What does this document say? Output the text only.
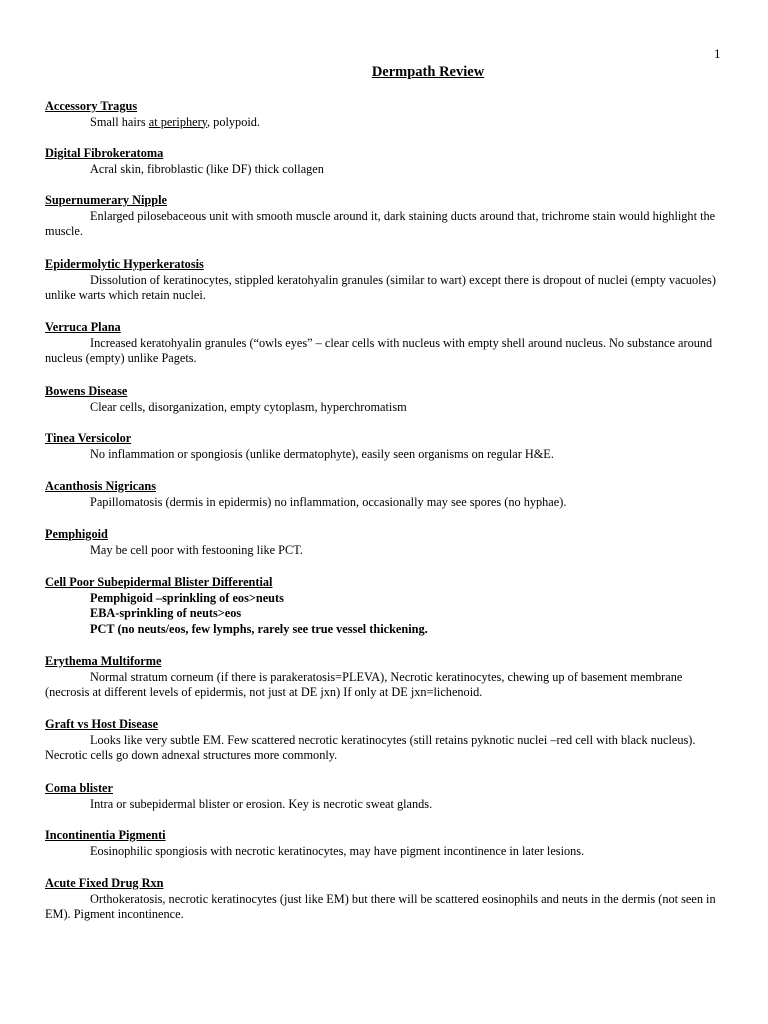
1
Dermpath Review
Accessory Tragus

Small hairs at periphery, polypoid.

Digital Fibrokeratoma

Acral skin, fibroblastic (like DF) thick collagen

Supernumerary Nipple

Enlarged pilosebaceous unit with smooth muscle around it, dark staining ducts around that, trichrome stain would highlight the muscle.

Epidermolytic Hyperkeratosis

Dissolution of keratinocytes, stippled keratohyalin granules (similar to wart) except there is dropout of nuclei (empty vacuoles) unlike warts which retain nuclei.

Verruca Plana

Increased keratohyalin granules (“owls eyes” – clear cells with nucleus with empty shell around nucleus. No substance around nucleus (empty) unlike Pagets.

Bowens Disease

Clear cells, disorganization, empty cytoplasm, hyperchromatism

Tinea Versicolor

No inflammation or spongiosis (unlike dermatophyte), easily seen organisms on regular H&E.

Acanthosis Nigricans

Papillomatosis (dermis in epidermis) no inflammation, occasionally may see spores (no hyphae).

Pemphigoid

May be cell poor with festooning like PCT.

Cell Poor Subepidermal Blister Differential
Pemphigoid –sprinkling of eos>neuts
EBA-sprinkling of neuts>eos
PCT (no neuts/eos, few lymphs, rarely see true vessel thickening.
Erythema Multiforme

Normal stratum corneum (if there is parakeratosis=PLEVA), Necrotic keratinocytes, chewing up of basement membrane (necrosis at different levels of epidermis, not just at DE jxn) If only at DE jxn=lichenoid.

Graft vs Host Disease

Looks like very subtle EM. Few scattered necrotic keratinocytes (still retains pyknotic nuclei –red cell with black nucleus). Necrotic cells go down adnexal structures more commonly.

Coma blister

Intra or subepidermal blister or erosion. Key is necrotic sweat glands.

Incontinentia Pigmenti

Eosinophilic spongiosis with necrotic keratinocytes, may have pigment incontinence in later lesions.

Acute Fixed Drug Rxn

Orthokeratosis, necrotic keratinocytes (just like EM) but there will be scattered eosinophils and neuts in the dermis (not seen in EM). Pigment incontinence.
